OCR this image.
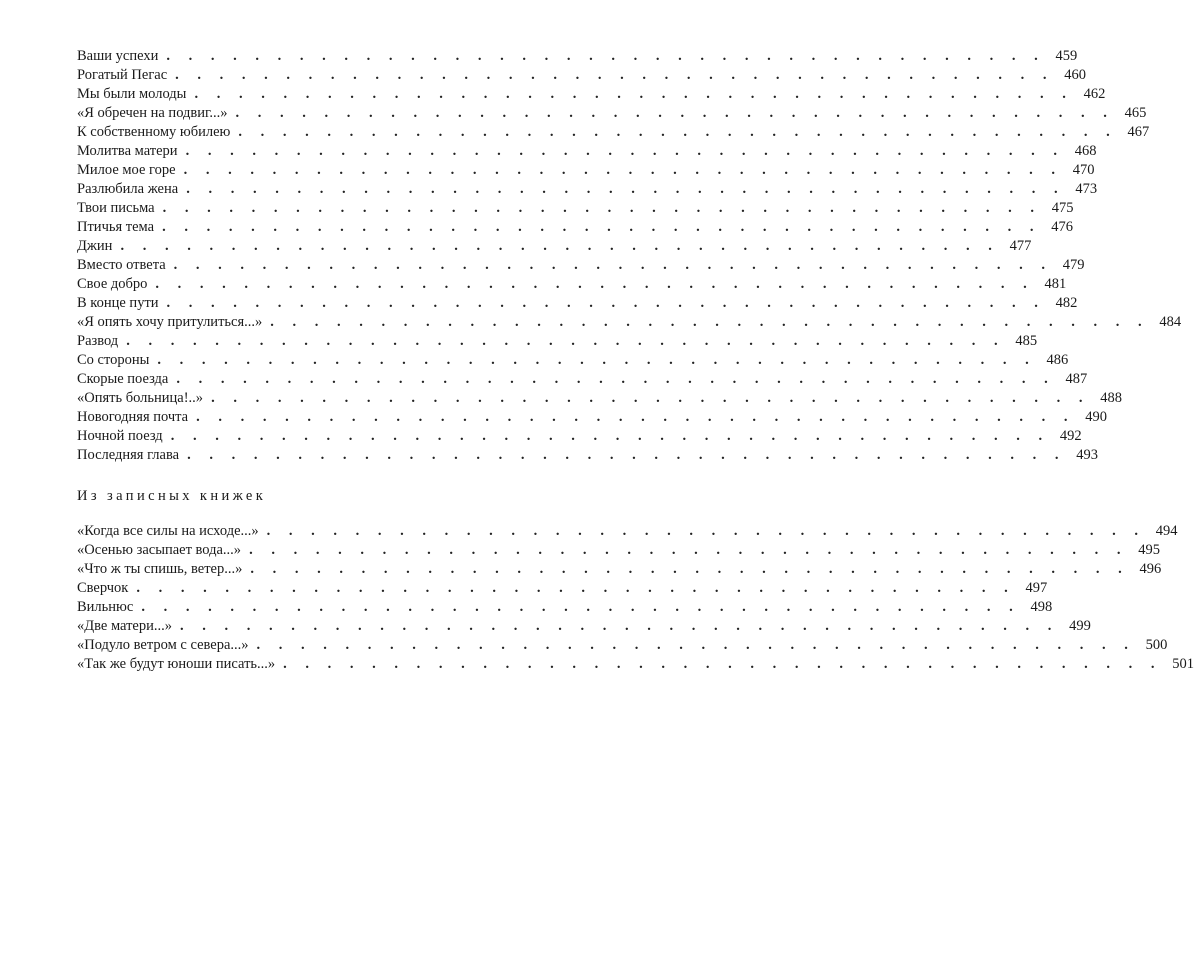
Ваши успехи . . . . . . . . . . . . . . . . . . . . . . . . . . . . . . . . . . . . . . . . 459
Рогатый Пегас . . . . . . . . . . . . . . . . . . . . . . . . . . . . . . . . . . . . . . . . 460
Мы были молоды . . . . . . . . . . . . . . . . . . . . . . . . . . . . . . . . . . . . . . . . 462
«Я обречен на подвиг...» . . . . . . . . . . . . . . . . . . . . . . . . . . . . . . . . . . . . . . . . 465
К собственному юбилею . . . . . . . . . . . . . . . . . . . . . . . . . . . . . . . . . . . . . . . . 467
Молитва матери . . . . . . . . . . . . . . . . . . . . . . . . . . . . . . . . . . . . . . . . 468
Милое мое горе . . . . . . . . . . . . . . . . . . . . . . . . . . . . . . . . . . . . . . . . 470
Разлюбила жена . . . . . . . . . . . . . . . . . . . . . . . . . . . . . . . . . . . . . . . . 473
Твои письма . . . . . . . . . . . . . . . . . . . . . . . . . . . . . . . . . . . . . . . . 475
Птичья тема . . . . . . . . . . . . . . . . . . . . . . . . . . . . . . . . . . . . . . . . 476
Джин . . . . . . . . . . . . . . . . . . . . . . . . . . . . . . . . . . . . . . . . 477
Вместо ответа . . . . . . . . . . . . . . . . . . . . . . . . . . . . . . . . . . . . . . . . 479
Свое добро . . . . . . . . . . . . . . . . . . . . . . . . . . . . . . . . . . . . . . . . 481
В конце пути . . . . . . . . . . . . . . . . . . . . . . . . . . . . . . . . . . . . . . . . 482
«Я опять хочу притулиться...» . . . . . . . . . . . . . . . . . . . . . . . . . . . . . . . . . . . . . . . . 484
Развод . . . . . . . . . . . . . . . . . . . . . . . . . . . . . . . . . . . . . . . . 485
Со стороны . . . . . . . . . . . . . . . . . . . . . . . . . . . . . . . . . . . . . . . . 486
Скорые поезда . . . . . . . . . . . . . . . . . . . . . . . . . . . . . . . . . . . . . . . . 487
«Опять больница!..» . . . . . . . . . . . . . . . . . . . . . . . . . . . . . . . . . . . . . . . . 488
Новогодняя почта . . . . . . . . . . . . . . . . . . . . . . . . . . . . . . . . . . . . . . . . 490
Ночной поезд . . . . . . . . . . . . . . . . . . . . . . . . . . . . . . . . . . . . . . . . 492
Последняя глава . . . . . . . . . . . . . . . . . . . . . . . . . . . . . . . . . . . . . . . . 493
Из записных книжек
«Когда все силы на исходе...» . . . . . . . . . . . . . . . . . . . . . . . . . . . . . . . . . . . . . . . . 494
«Осенью засыпает вода...» . . . . . . . . . . . . . . . . . . . . . . . . . . . . . . . . . . . . . . . . 495
«Что ж ты спишь, ветер...» . . . . . . . . . . . . . . . . . . . . . . . . . . . . . . . . . . . . . . . . 496
Сверчок . . . . . . . . . . . . . . . . . . . . . . . . . . . . . . . . . . . . . . . . 497
Вильнюс . . . . . . . . . . . . . . . . . . . . . . . . . . . . . . . . . . . . . . . . 498
«Две матери...» . . . . . . . . . . . . . . . . . . . . . . . . . . . . . . . . . . . . . . . . 499
«Подуло ветром с севера...» . . . . . . . . . . . . . . . . . . . . . . . . . . . . . . . . . . . . . . . . 500
«Так же будут юноши писать...» . . . . . . . . . . . . . . . . . . . . . . . . . . . . . . . . . . . . . . . . 501
